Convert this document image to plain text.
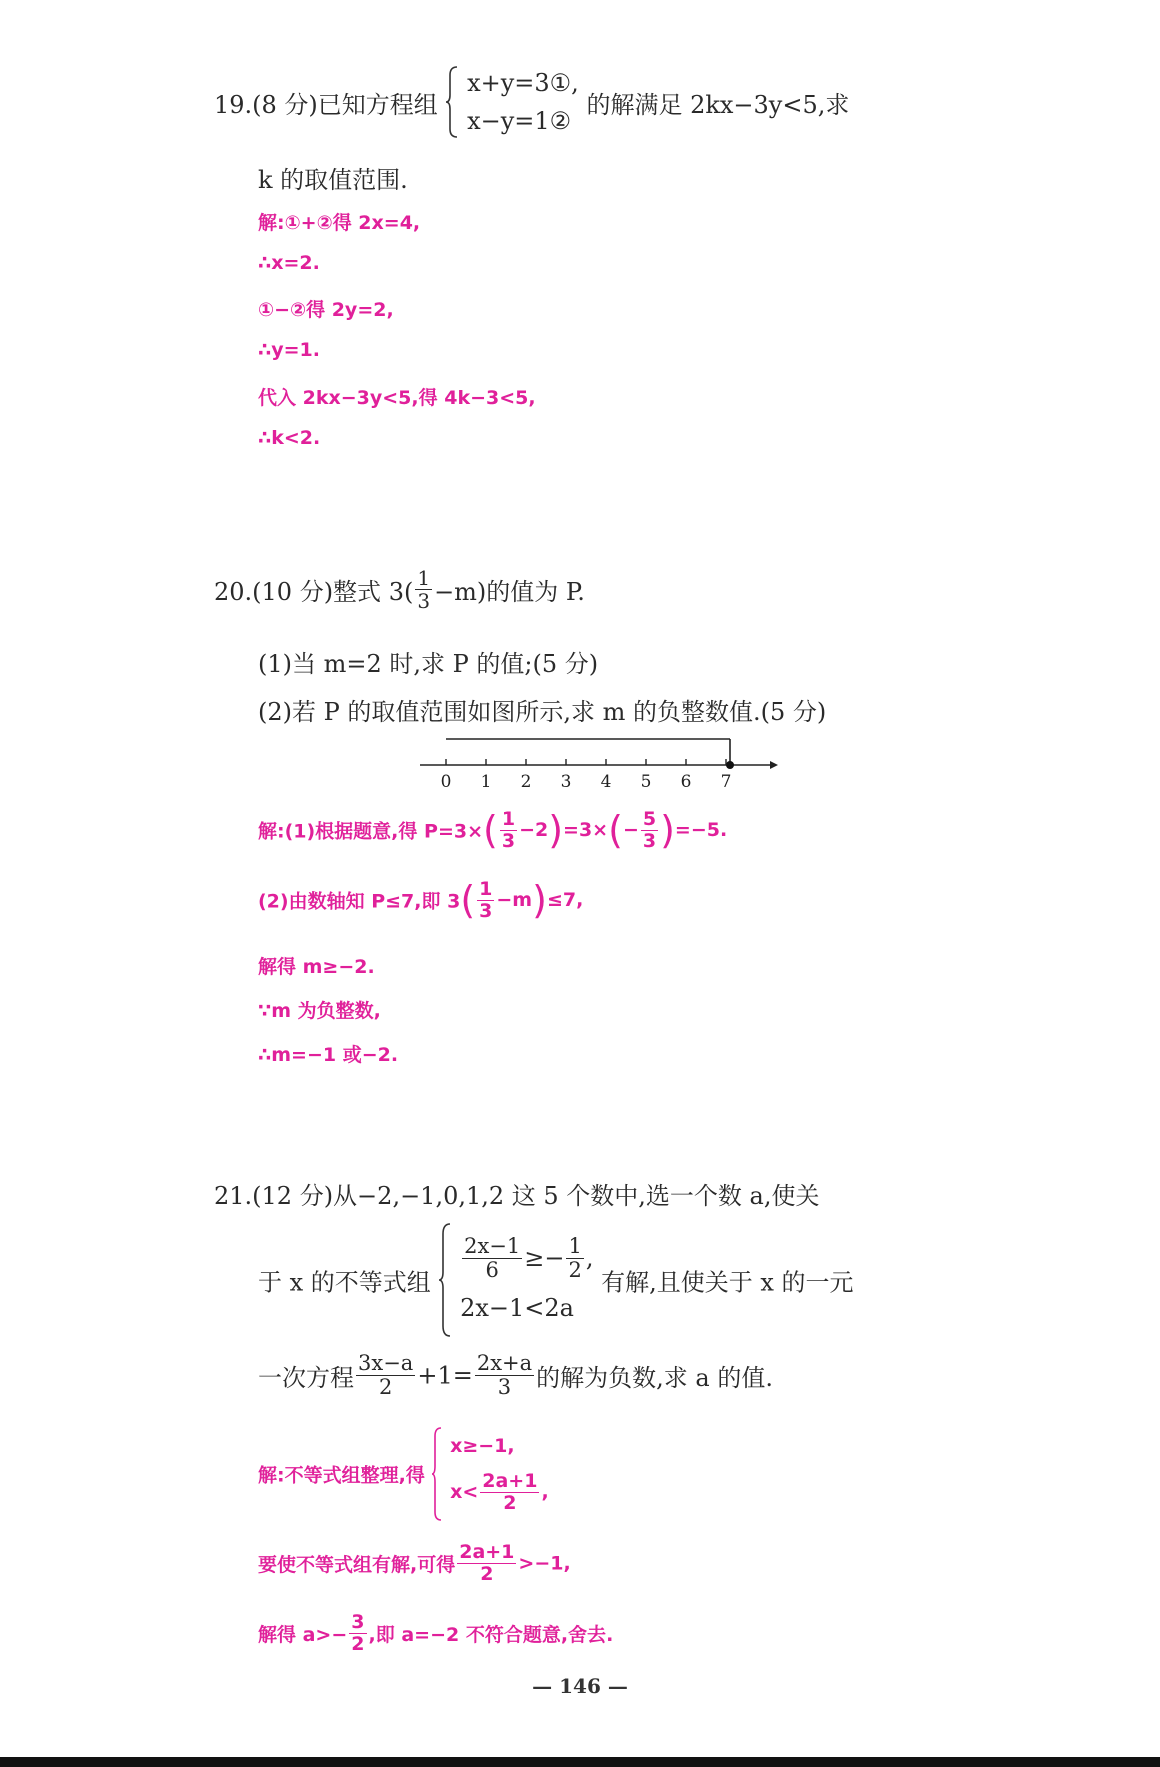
19.(8 分)已知方程组
x+y=3①,
x−y=1②
的解满足 2kx−3y<5,求
k 的取值范围.
解:①+②得 2x=4,
∴x=2.
①−②得 2y=2,
∴y=1.
代入 2kx−3y<5,得 4k−3<5,
∴k<2.
20.(10 分)整式 $3( \frac{1}{3} -m)$的值为 P.
(1)当 m=2 时,求 P 的值;(5 分)
(2)若 P 的取值范围如图所示,求 m 的负整数值.(5 分)
0 1 2 3 4 5 6 7
解:(1)根据题意,得 $P=3\times( \frac{1}{3} -2)=3\times(- \frac{5}{3} )=-5$.
(2)由数轴知 P≤7,即 $3( \frac{1}{3} -m)\le 7$,
解得 m≥−2.
∵m 为负整数,
∴m=−1 或−2.
21.(12 分)从−2,−1,0,1,2 这 5 个数中,选一个数 a,使关
于 x 的不等式组
$\frac{2x-1}{6} \ge- \frac{1}{2}$ ,
2x−1<2a
有解,且使关于 x 的一元
一次方程 $\frac{3x-a}{2} +1= \frac{2x+a}{3}$ 的解为负数,求 a 的值.
解:不等式组整理,得
x≥−1,
$x< \frac{2a+1}{2}$ ,
要使不等式组有解,可得 $\frac{2a+1}{2} >-1$,
解得 $a>- \frac{3}{2}$ ,即 a=−2 不符合题意,舍去.
— 146 —
